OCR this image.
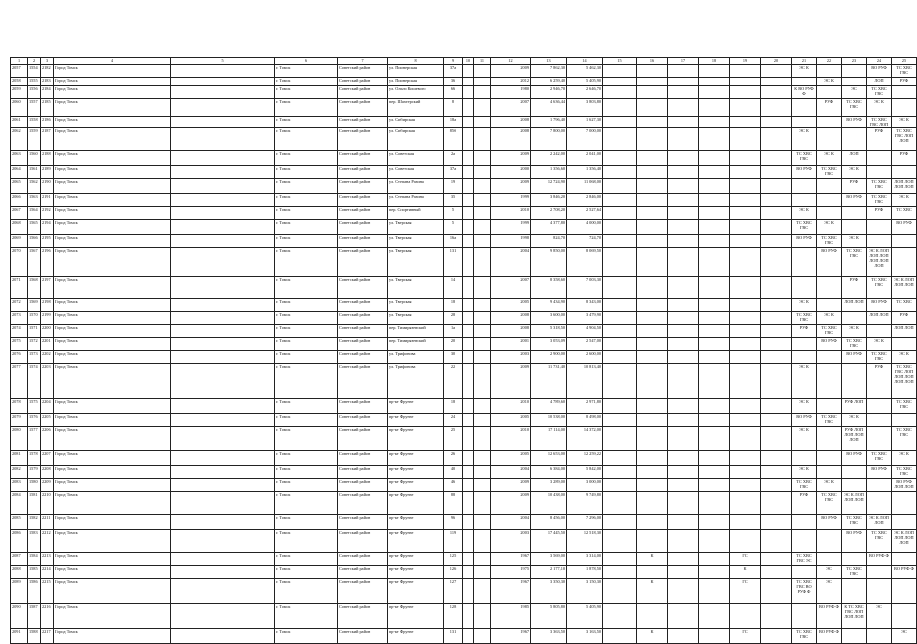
1	2	3	4	5	6	7	8	9	10	11	12	13	14	15	16	17	18	19	20	21	22	23	24	25
2057	1554	2182	Город Томск		г. Томск	Советский район	ул. Пионерская	37а			2009	7 862,30	5 462,30							ЭС К			ВО РУФ	ТС ХВС ГВС
2058	1555	2183	Город Томск		г. Томск	Советский район	ул. Пионерская	36			2012	6 259,40	5 405,90								ЭС К		ЛОП	РУФ
2059	1556	2184	Город Томск		г. Томск	Советский район	ул. Ольги Кошевого	66			1980	2 946,70	2 646,70							К ВО РУФ Ф		ЭС	ТС ХВС ГВС	
2060	1557	2185	Город Томск		г. Томск	Советский район	пер. Шахтерский	8			2007	4 636,44	3 803,80								РУФ	ТС ХВС ГВС	ЭС К	
2061	1558	2186	Город Томск		г. Томск	Советский район	ул. Сибирская	18а			2008	1 796,40	1 627,30									ВО РУФ	ТС ХВС ГВС ЛОП	ЭС К
2062	1559	2187	Город Томск		г. Томск	Советский район	ул. Сибирская	85б			2008	7 800,00	7 000,00							ЭС К			РУФ	ТС ХВС ГВС ЛОП ЛОП
2063	1560	2188	Город Томск		г. Томск	Советский район	ул. Советская	2а			2009	2 242,00	2 041,00							ТС ХВС ГВС	ЭС К	ЛОП		РУФ
2064	1561	2189	Город Томск		г. Томск	Советский район	ул. Советская	37а			2000	1 356,60	1 356,40							ВО РУФ	ТС ХВС ГВС	ЭС К		
2065	1562	2190	Город Томск		г. Томск	Советский район	ул. Степана Разина	19			2009	12 724,90	11 068,00									РУФ	ТС ХВС ГВС	ЛОП ЛОП ЛОП ЛОП
2066	1563	2191	Город Томск		г. Томск	Советский район	ул. Степана Разина	35			1999	3 846,20	2 846,00									ВО РУФ	ТС ХВС ГВС	ЭС К
2067	1564	2192	Город Томск		г. Томск	Советский район	пер. Спортивный	5			2010	2 708,20	2 527,64							ЭС К			РУФ	ТС ХВС
2068	1565	2194	Город Томск		г. Томск	Советский район	ул. Тверская	5			1999	4 377,80	4 000,00							ТС ХВС ГВС	ЭС К			ВО РУФ
2069	1566	2195	Город Томск		г. Томск	Советский район	ул. Тверская	16а			1998	824,70	724,70							ВО РУФ	ТС ХВС ГВС	ЭС К		
2070	1567	2196	Город Томск		г. Томск	Советский район	ул. Тверская	131			2004	9 850,00	8 069,50								ВО РУФ	ТС ХВС ГВС	ЭС К ЛОП ЛОП ЛОП ЛОП ЛОП ЛОП	
2071	1568	2197	Город Томск		г. Томск	Советский район	ул. Тверская	14			2007	8 358,60	7 003,30									РУФ	ТС ХВС ГВС	ЭС К ЛОП ЛОП ЛОП
2072	1569	2198	Город Томск		г. Томск	Советский район	ул. Тверская	18			2005	9 434,90	8 343,00							ЭС К		ЛОП ЛОП	ВО РУФ	ТС ХВС
2073	1570	2199	Город Томск		г. Томск	Советский район	ул. Тверская	28			2008	3 600,00	3 479,90							ТС ХВС ГВС	ЭС К		ЛОП ЛОП	РУФ
2074	1571	2200	Город Томск		г. Томск	Советский район	пер. Тимирязевский	1а			2008	5 318,50	4 904,50							РУФ	ТС ХВС ГВС	ЭС К		ЛОП ЛОП
2075	1572	2201	Город Томск		г. Томск	Советский район	пер. Тимирязевский	20			2001	3 053,09	2 547,00								ВО РУФ	ТС ХВС ГВС	ЭС К	
2076	1573	2202	Город Томск		г. Томск	Советский район	ул. Трифонова	30			2003	2 900,00	2 600,00									ВО РУФ	ТС ХВС ГВС	ЭС К
2077	1574	2203	Город Томск		г. Томск	Советский район	ул. Трифонова	22			2009	11 731,40	10 813,40							ЭС К			РУФ	ТС ХВС ГВС ЛОП ЛОП ЛОП ЛОП ЛОП
2078	1575	2204	Город Томск		г. Томск	Советский район	пр-кт Фрунзе	18			2010	4 789,60	2 971,80							ЭС К		РУФ ЛОП		ТС ХВС ГВС
2079	1576	2205	Город Томск		г. Томск	Советский район	пр-кт Фрунзе	24			2005	10 538,00	8 498,00							ВО РУФ	ТС ХВС ГВС	ЭС К		
2080	1577	2206	Город Томск		г. Томск	Советский район	пр-кт Фрунзе	25			2010	17 114,00	14 372,00							ЭС К		РУФ ЛОП ЛОП ЛОП ЛОП		ТС ХВС ГВС
2081	1578	2207	Город Томск		г. Томск	Советский район	пр-кт Фрунзе	26			2005	12 653,00	12 259,22									ВО РУФ	ТС ХВС ГВС	ЭС К
2082	1579	2208	Город Томск		г. Томск	Советский район	пр-кт Фрунзе	40			2004	6 384,00	5 842,00							ЭС К			ВО РУФ	ТС ХВС ГВС
2083	1580	2209	Город Томск		г. Томск	Советский район	пр-кт Фрунзе	46			2009	3 289,00	3 000,00							ТС ХВС ГВС	ЭС К			ВО РУФ ЛОП ЛОП
2084	1581	2210	Город Томск		г. Томск	Советский район	пр-кт Фрунзе	88			2009	10 438,00	9 749,80							РУФ	ТС ХВС ГВС	ЭС К ЛОП ЛОП ЛОП		
2085	1582	2211	Город Томск		г. Томск	Советский район	пр-кт Фрунзе	96			2004	8 456,00	7 296,00								ВО РУФ	ТС ХВС ГВС	ЭС К ЛОП ЛОП	
2086	1583	2212	Город Томск		г. Томск	Советский район	пр-кт Фрунзе	119			2003	17 445,50	12 518,30									ВО РУФ	ТС ХВС ГВС	ЭС К ЛОП ЛОП ЛОП ЛОП
2087	1584	2213	Город Томск		г. Томск	Советский район	пр-кт Фрунзе	125			1967	3 569,00	3 314,00		К			ГС		ТС ХВС ГВС ЭС			ВО РУФ Ф	
2088	1585	2214	Город Томск		г. Томск	Советский район	пр-кт Фрунзе	126			1975	2 177,10	1 878,50					К			ЭС	ТС ХВС ГВС		ВО РУФ Ф
2089	1586	2215	Город Томск		г. Томск	Советский район	пр-кт Фрунзе	127			1967	3 350,30	3 150,30		К			ГС		ТС ХВС ГВС ВО РУФ Ф	ЭС			
2090	1587	2216	Город Томск		г. Томск	Советский район	пр-кт Фрунзе	128			1985	5 805,80	5 405,90								ВО РУФ Ф	К ТС ХВС ГВС ЛОП ЛОП ЛОП	ЭС	
2091	1588	2217	Город Томск		г. Томск	Советский район	пр-кт Фрунзе	131			1967	3 363,50	3 163,50		К			ГС		ТС ХВС ГВС	ВО РУФ Ф			ЭС
